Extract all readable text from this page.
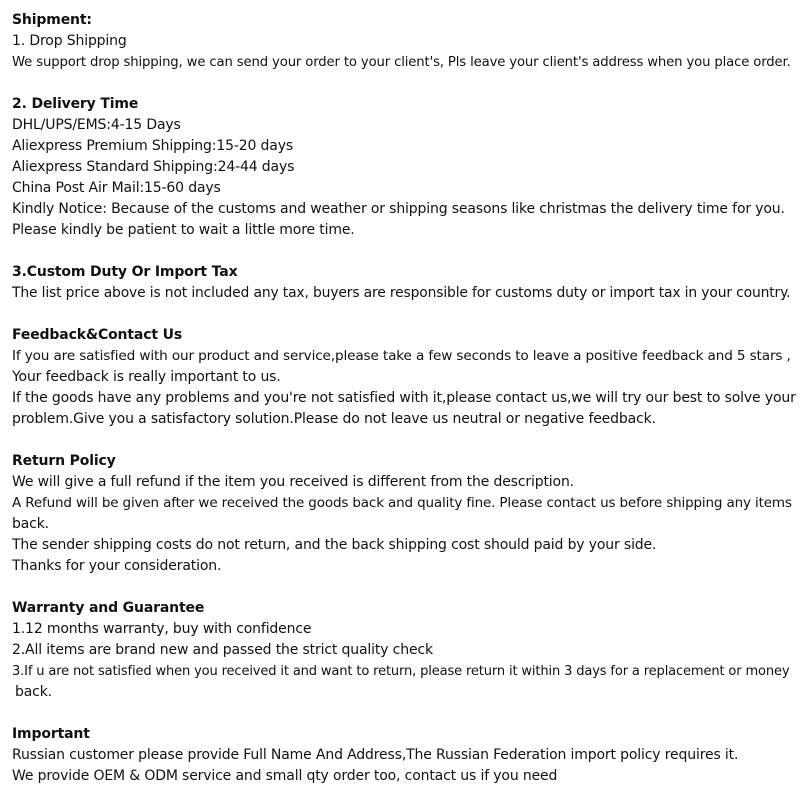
Shipment:
1. Drop Shipping
We support drop shipping, we can send your order to your client's, Pls leave your client's address when you place order.
2. Delivery Time
DHL/UPS/EMS:4-15 Days
Aliexpress Premium Shipping:15-20 days
Aliexpress Standard Shipping:24-44 days
China Post Air Mail:15-60 days
Kindly Notice: Because of the customs and weather or shipping seasons like christmas the delivery time for you.
Please kindly be patient to wait a little more time.
3.Custom Duty Or Import Tax
The list price above is not included any tax, buyers are responsible for customs duty or import tax in your country.
Feedback&Contact Us
If you are satisfied with our product and service,please take a few seconds to leave a positive feedback and 5 stars ,
Your feedback is really important to us.
If the goods have any problems and you're not satisfied with it,please contact us,we will try our best to solve your
problem.Give you a satisfactory solution.Please do not leave us neutral or negative feedback.
Return Policy
We will give a full refund if the item you received is different from the description.
A Refund will be given after we received the goods back and quality fine. Please contact us before shipping any items
back.
The sender shipping costs do not return, and the back shipping cost should paid by your side.
Thanks for your consideration.
Warranty and Guarantee
1.12 months warranty, buy with confidence
2.All items are brand new and passed the strict quality check
3.If u are not satisfied when you received it and want to return, please return it within 3 days for a replacement or money
back.
Important
Russian customer please provide Full Name And Address,The Russian Federation import policy requires it.
We provide OEM & ODM service and small qty order too, contact us if you need
